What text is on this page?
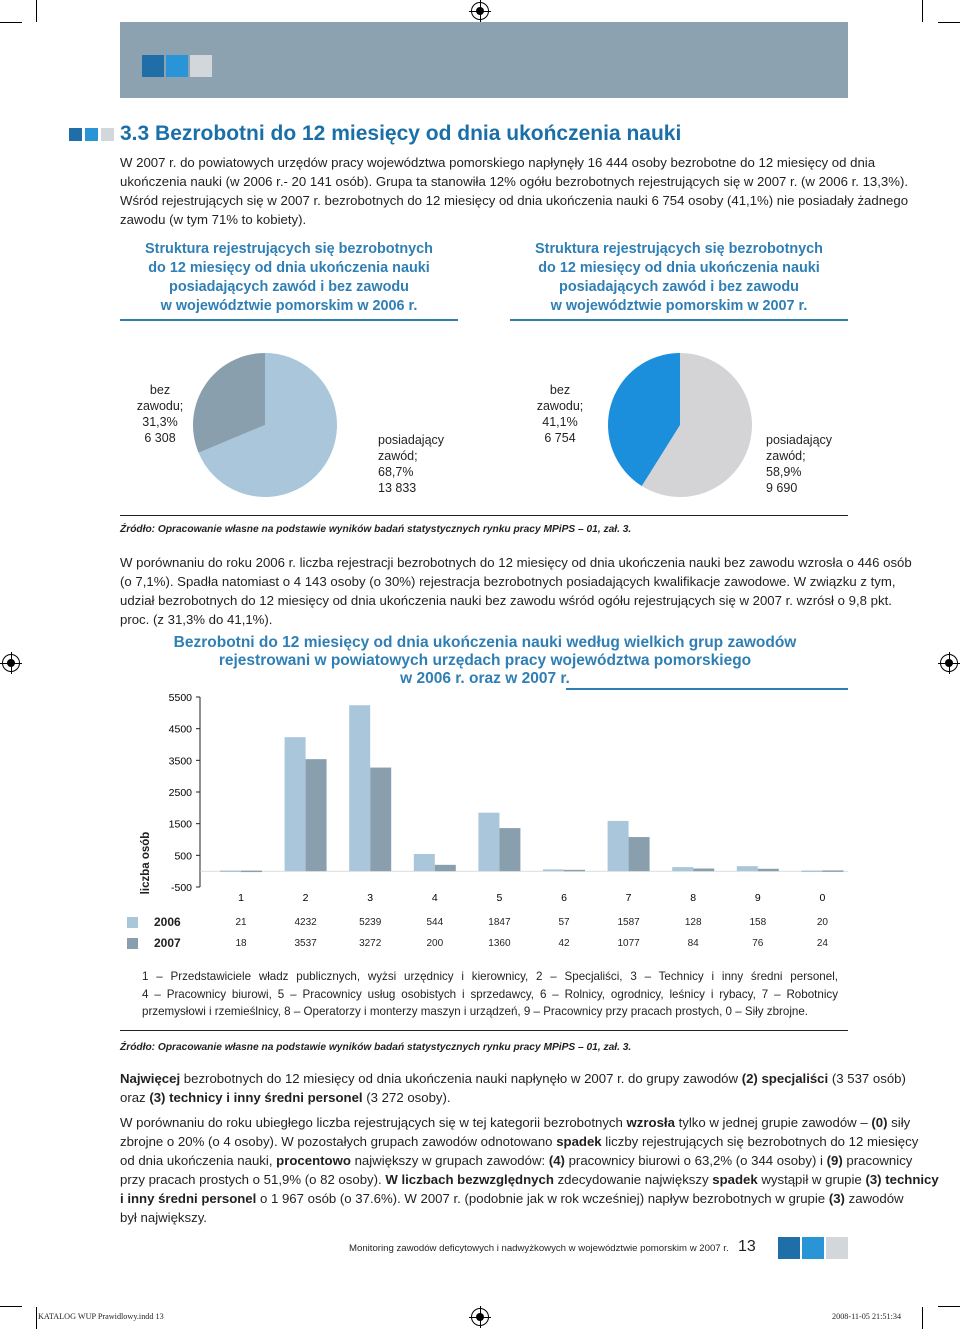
3.3 Bezrobotni do 12 miesięcy od dnia ukończenia nauki
W 2007 r. do powiatowych urzędów pracy województwa pomorskiego napłynęły 16 444 osoby bezrobotne do 12 miesięcy od dnia
ukończenia nauki (w 2006 r.- 20 141 osób). Grupa ta stanowiła 12% ogółu bezrobotnych rejestrujących się w 2007 r. (w 2006 r. 13,3%).
Wśród rejestrujących się w 2007 r. bezrobotnych do 12 miesięcy od dnia ukończenia nauki 6 754 osoby (41,1%) nie posiadały żadnego
zawodu (w tym 71% to kobiety).
Struktura rejestrujących się bezrobotnych
do 12 miesięcy od dnia ukończenia nauki
posiadających zawód i bez zawodu
w województwie pomorskim w 2006 r.
Struktura rejestrujących się bezrobotnych
do 12 miesięcy od dnia ukończenia nauki
posiadających zawód i bez zawodu
w województwie pomorskim w 2007 r.
bez
zawodu;
31,3%
6 308	posiadający
zawód;
68,7%
13 833
bez
zawodu;
41,1%
6 754	posiadający
zawód;
58,9%
9 690
Źródło: Opracowanie własne na podstawie wyników badań statystycznych rynku pracy MPiPS – 01, zał. 3.
W porównaniu do roku 2006 r. liczba rejestracji bezrobotnych do 12 miesięcy od dnia ukończenia nauki bez zawodu wzrosła o 446 osób
(o 7,1%). Spadła natomiast o 4 143 osoby (o 30%) rejestracja bezrobotnych posiadających kwalifikacje zawodowe. W związku z tym,
udział bezrobotnych do 12 miesięcy od dnia ukończenia nauki bez zawodu wśród ogółu rejestrujących się w 2007 r. wzrósł o 9,8 pkt.
proc. (z 31,3% do 41,1%).
Bezrobotni do 12 miesięcy od dnia ukończenia nauki według wielkich grup zawodów
rejestrowani w powiatowych urzędach pracy województwa pomorskiego
w 2006 r. oraz w 2007 r.
5500
4500
3500
2500
1500
500
-500
1	2	3	4	5	6	7	8	9	0
liczba osób
2006
2007
21	4232	5239	544	1847	57	1587	128	158	20
18	3537	3272	200	1360	42	1077	84	76	24
1 – Przedstawiciele władz publicznych, wyżsi urzędnicy i kierownicy, 2 – Specjaliści, 3 – Technicy i inny średni personel,
4 – Pracownicy biurowi, 5 – Pracownicy usług osobistych i sprzedawcy, 6 – Rolnicy, ogrodnicy, leśnicy i rybacy, 7 – Robotnicy
przemysłowi i rzemieślnicy, 8 – Operatorzy i monterzy maszyn i urządzeń, 9 – Pracownicy przy pracach prostych, 0 – Siły zbrojne.
Źródło: Opracowanie własne na podstawie wyników badań statystycznych rynku pracy MPiPS – 01, zał. 3.
Najwięcej bezrobotnych do 12 miesięcy od dnia ukończenia nauki napłynęło w 2007 r. do grupy zawodów (2) specjaliści (3 537 osób)
oraz (3) technicy i inny średni personel (3 272 osoby).
W porównaniu do roku ubiegłego liczba rejestrujących się w tej kategorii bezrobotnych wzrosła tylko w jednej grupie zawodów – (0) siły
zbrojne o 20% (o 4 osoby). W pozostałych grupach zawodów odnotowano spadek liczby rejestrujących się bezrobotnych do 12 miesięcy
od dnia ukończenia nauki, procentowo największy w grupach zawodów: (4) pracownicy biurowi o 63,2% (o 344 osoby) i (9) pracownicy
przy pracach prostych o 51,9% (o 82 osoby). W liczbach bezwzględnych zdecydowanie największy spadek wystąpił w grupie (3) technicy
i inny średni personel o 1 967 osób (o 37.6%). W 2007 r. (podobnie jak w rok wcześniej) napływ bezrobotnych w grupie (3) zawodów
był największy.
Monitoring zawodów deficytowych i nadwyżkowych w województwie pomorskim w 2007 r. 13
KATALOG WUP Prawidlowy.indd 13	2008-11-05 21:51:34
